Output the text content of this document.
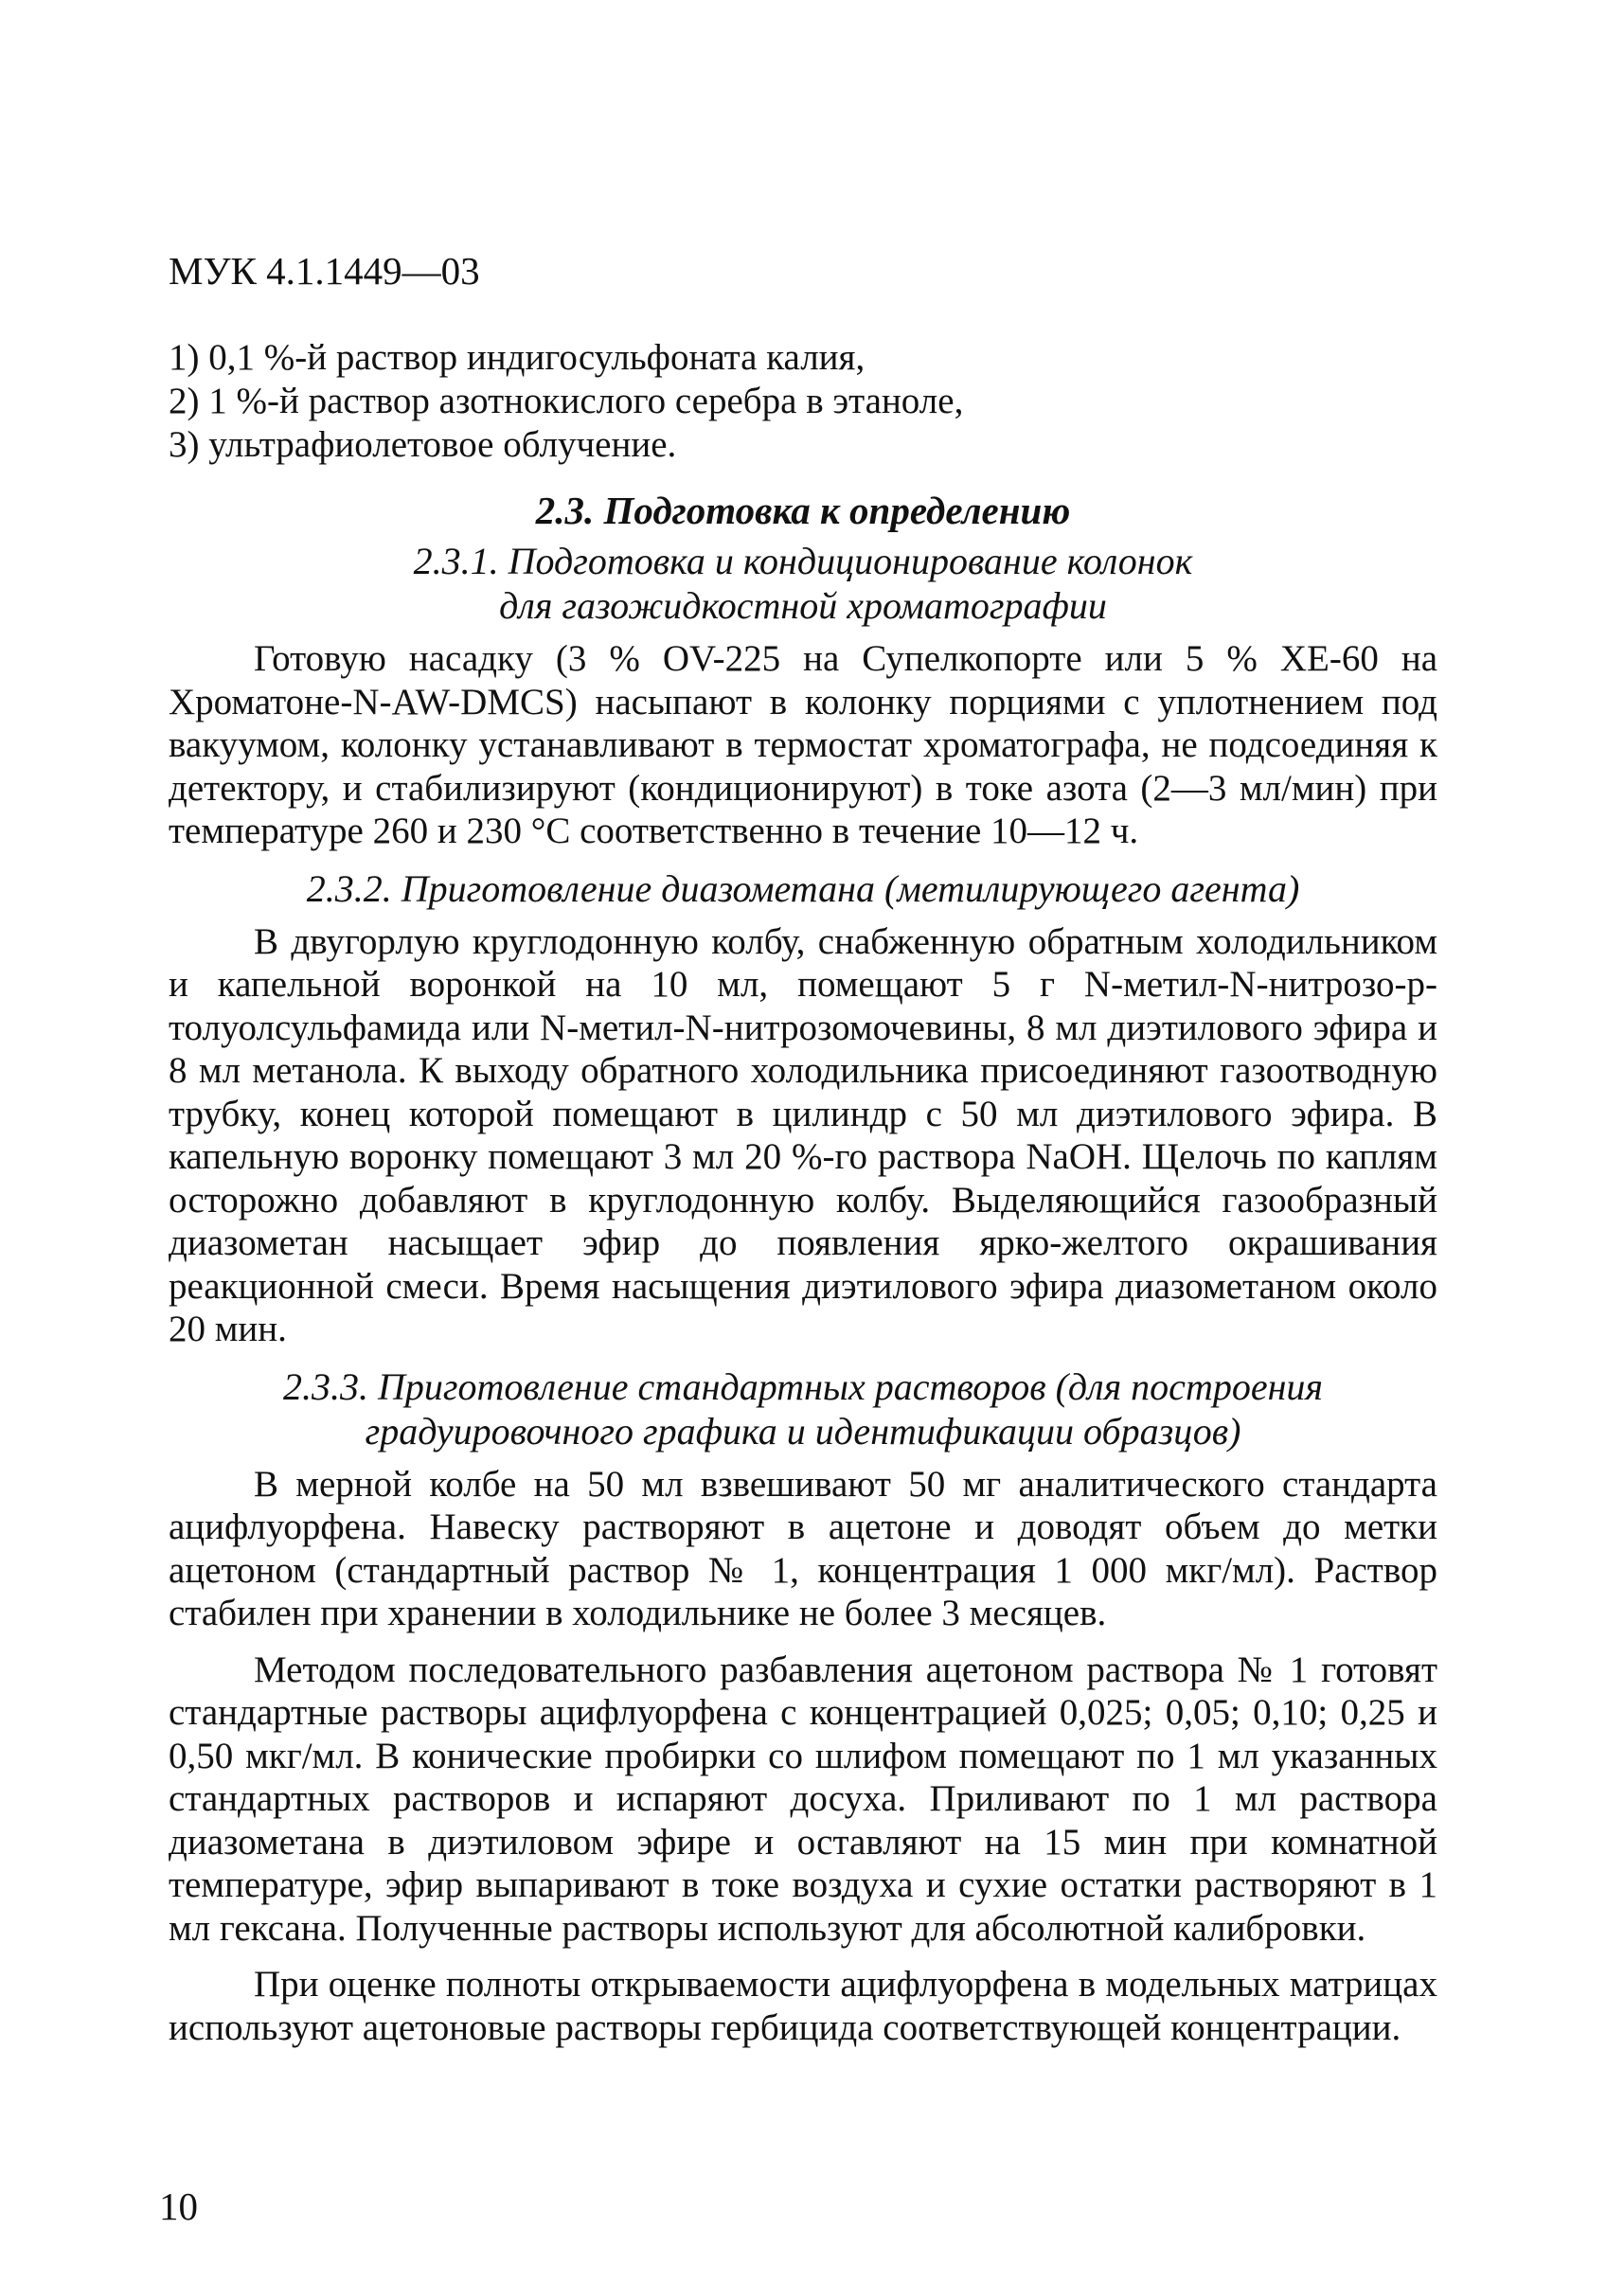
МУК 4.1.1449—03
1) 0,1 %-й раствор индигосульфоната калия,
2) 1 %-й раствор азотнокислого серебра в этаноле,
3) ультрафиолетовое облучение.
2.3. Подготовка к определению
2.3.1. Подготовка и кондиционирование колонок
для газожидкостной хроматографии

Готовую насадку (3 % OV-225 на Супелкопорте или 5 % XE-60 на Хроматоне-N-AW-DMCS) насыпают в колонку порциями с уплотнением под вакуумом, колонку устанавливают в термостат хроматографа, не подсоединяя к детектору, и стабилизируют (кондиционируют) в токе азота (2—3 мл/мин) при температуре 260 и 230 °C соответственно в течение 10—12 ч.

2.3.2. Приготовление диазометана (метилирующего агента)

В двугорлую круглодонную колбу, снабженную обратным холодильником и капельной воронкой на 10 мл, помещают 5 г N-метил-N-нитрозо-p-толуолсульфамида или N-метил-N-нитрозомочевины, 8 мл диэтилового эфира и 8 мл метанола. К выходу обратного холодильника присоединяют газоотводную трубку, конец которой помещают в цилиндр с 50 мл диэтилового эфира. В капельную воронку помещают 3 мл 20 %-го раствора NaOH. Щелочь по каплям осторожно добавляют в круглодонную колбу. Выделяющийся газообразный диазометан насыщает эфир до появления ярко-желтого окрашивания реакционной смеси. Время насыщения диэтилового эфира диазометаном около 20 мин.

2.3.3. Приготовление стандартных растворов (для построения
градуировочного графика и идентификации образцов)

В мерной колбе на 50 мл взвешивают 50 мг аналитического стандарта ацифлуорфена. Навеску растворяют в ацетоне и доводят объем до метки ацетоном (стандартный раствор № 1, концентрация 1 000 мкг/мл). Раствор стабилен при хранении в холодильнике не более 3 месяцев.

Методом последовательного разбавления ацетоном раствора № 1 готовят стандартные растворы ацифлуорфена с концентрацией 0,025; 0,05; 0,10; 0,25 и 0,50 мкг/мл. В конические пробирки со шлифом помещают по 1 мл указанных стандартных растворов и испаряют досуха. Приливают по 1 мл раствора диазометана в диэтиловом эфире и оставляют на 15 мин при комнатной температуре, эфир выпаривают в токе воздуха и сухие остатки растворяют в 1 мл гексана. Полученные растворы используют для абсолютной калибровки.

При оценке полноты открываемости ацифлуорфена в модельных матрицах используют ацетоновые растворы гербицида соответствующей концентрации.

10
